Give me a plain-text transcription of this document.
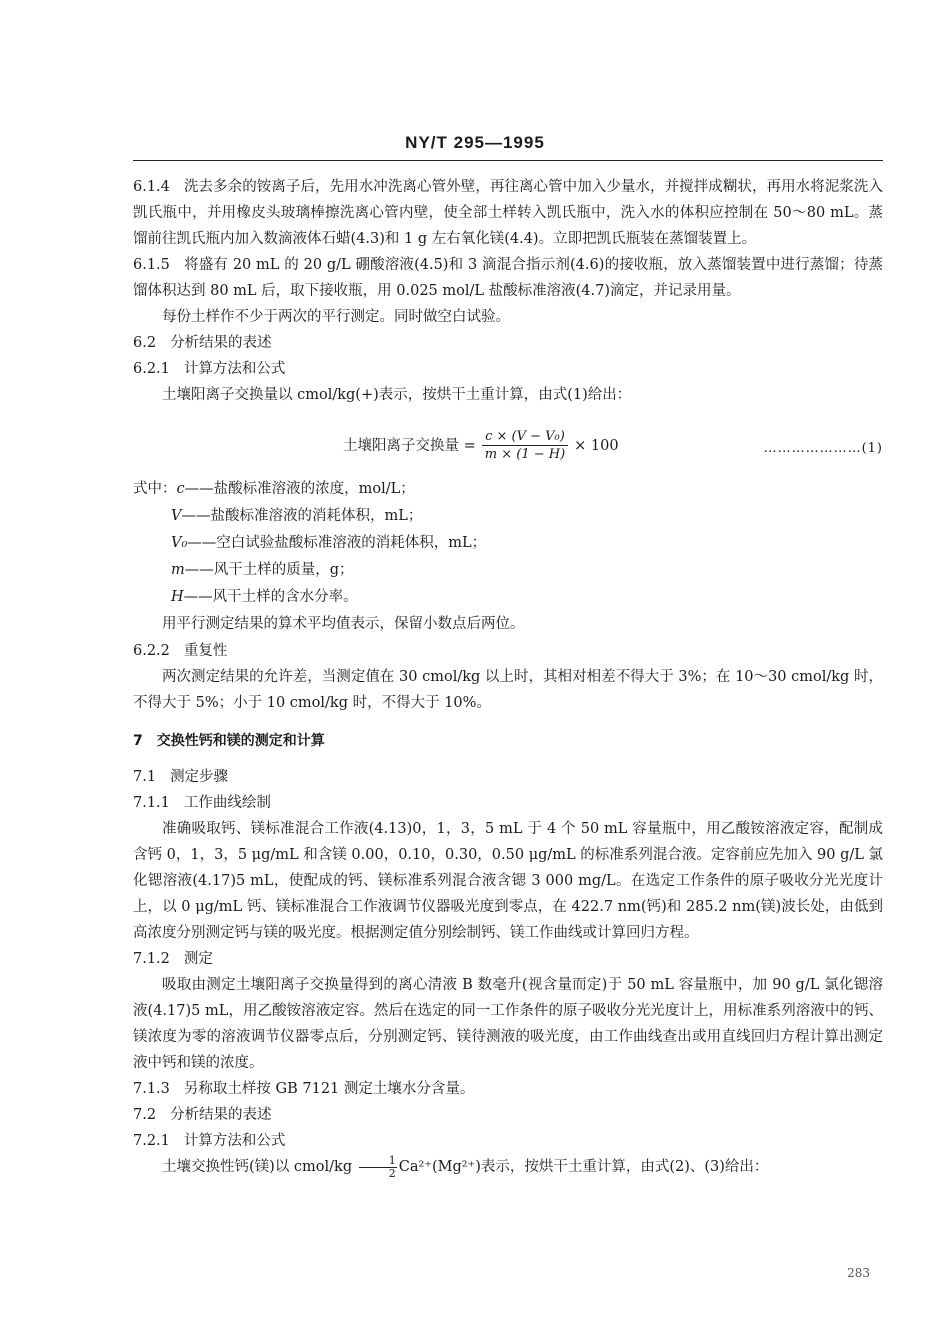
NY/T 295—1995

6.1.4 洗去多余的铵离子后，先用水冲洗离心管外壁，再往离心管中加入少量水，并搅拌成糊状，再用水将泥浆洗入凯氏瓶中，并用橡皮头玻璃棒擦洗离心管内壁，使全部土样转入凯氏瓶中，洗入水的体积应控制在 50～80 mL。蒸馏前往凯氏瓶内加入数滴液体石蜡(4.3)和 1 g 左右氧化镁(4.4)。立即把凯氏瓶装在蒸馏装置上。

6.1.5 将盛有 20 mL 的 20 g/L 硼酸溶液(4.5)和 3 滴混合指示剂(4.6)的接收瓶，放入蒸馏装置中进行蒸馏；待蒸馏体积达到 80 mL 后，取下接收瓶，用 0.025 mol/L 盐酸标准溶液(4.7)滴定，并记录用量。

每份土样作不少于两次的平行测定。同时做空白试验。

6.2 分析结果的表述

6.2.1 计算方法和公式

土壤阳离子交换量以 cmol/kg(+)表示，按烘干土重计算，由式(1)给出：

土壤阳离子交换量 = $\frac{\text{c × (V − V₀)}}{m \times (1 - H)} \times 100$	…………………(1)

式中：c——盐酸标准溶液的浓度，mol/L；

V——盐酸标准溶液的消耗体积，mL；

V₀——空白试验盐酸标准溶液的消耗体积，mL；

m——风干土样的质量，g；

H——风干土样的含水分率。

用平行测定结果的算术平均值表示，保留小数点后两位。

6.2.2 重复性

两次测定结果的允许差，当测定值在 30 cmol/kg 以上时，其相对相差不得大于 3%；在 10～30 cmol/kg 时，不得大于 5%；小于 10 cmol/kg 时，不得大于 10%。

7 交换性钙和镁的测定和计算

7.1 测定步骤

7.1.1 工作曲线绘制

准确吸取钙、镁标准混合工作液(4.13)0，1，3，5 mL 于 4 个 50 mL 容量瓶中，用乙酸铵溶液定容，配制成含钙 0，1，3，5 μg/mL 和含镁 0.00，0.10，0.30，0.50 μg/mL 的标准系列混合液。定容前应先加入 90 g/L 氯化锶溶液(4.17)5 mL，使配成的钙、镁标准系列混合液含锶 3 000 mg/L。在选定工作条件的原子吸收分光光度计上，以 0 μg/mL 钙、镁标准混合工作液调节仪器吸光度到零点，在 422.7 nm(钙)和 285.2 nm(镁)波长处，由低到高浓度分别测定钙与镁的吸光度。根据测定值分别绘制钙、镁工作曲线或计算回归方程。

7.1.2 测定

吸取由测定土壤阳离子交换量得到的离心清液 B 数毫升(视含量而定)于 50 mL 容量瓶中，加 90 g/L 氯化锶溶液(4.17)5 mL，用乙酸铵溶液定容。然后在选定的同一工作条件的原子吸收分光光度计上，用标准系列溶液中的钙、镁浓度为零的溶液调节仪器零点后，分别测定钙、镁待测液的吸光度，由工作曲线查出或用直线回归方程计算出测定液中钙和镁的浓度。

7.1.3 另称取土样按 GB 7121 测定土壤水分含量。

7.2 分析结果的表述

7.2.1 计算方法和公式

土壤交换性钙(镁)以 cmol/kg $\frac{1}{2} Ca^{2+}(Mg^{2+})$表示，按烘干土重计算，由式(2)、(3)给出：

283
